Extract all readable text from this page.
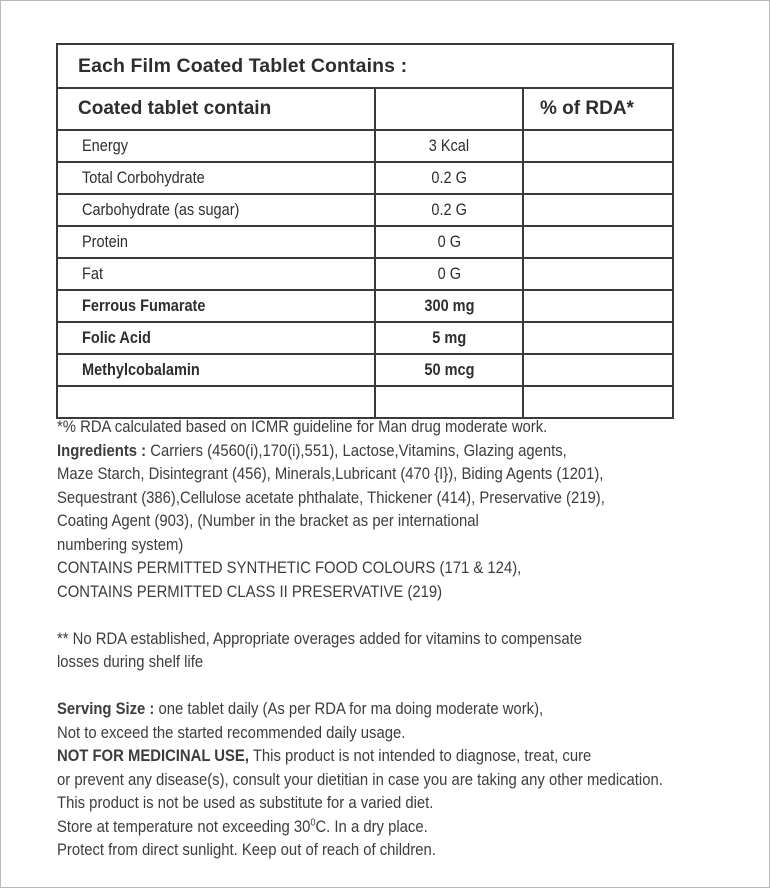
Each Film Coated Tablet Contains :		
Coated tablet contain		% of RDA*
Energy	3 Kcal	
Total Corbohydrate	0.2 G	
Carbohydrate (as sugar)	0.2 G	
Protein	0 G	
Fat	0 G	
Ferrous Fumarate	300 mg	
Folic Acid	5 mg	
Methylcobalamin	50 mcg	

*% RDA calculated based on ICMR guideline for Man drug moderate work.
Ingredients : Carriers (4560(i),170(i),551), Lactose,Vitamins, Glazing agents,
Maze Starch, Disintegrant (456), Minerals,Lubricant (470 {I}), Biding Agents (1201),
Sequestrant (386),Cellulose acetate phthalate, Thickener (414), Preservative (219),
Coating Agent (903), (Number in the bracket as per international
numbering system)
CONTAINS PERMITTED SYNTHETIC FOOD COLOURS (171 & 124),
CONTAINS PERMITTED CLASS II PRESERVATIVE (219)
** No RDA established, Appropriate overages added for vitamins to compensate
losses during shelf life
Serving Size : one tablet daily (As per RDA for ma doing moderate work),
Not to exceed the started recommended daily usage.
NOT FOR MEDICINAL USE, This product is not intended to diagnose, treat, cure
or prevent any disease(s), consult your dietitian in case you are taking any other medication.
This product is not be used as substitute for a varied diet.
Store at temperature not exceeding $30^0C$. In a dry place.
Protect from direct sunlight. Keep out of reach of children.
